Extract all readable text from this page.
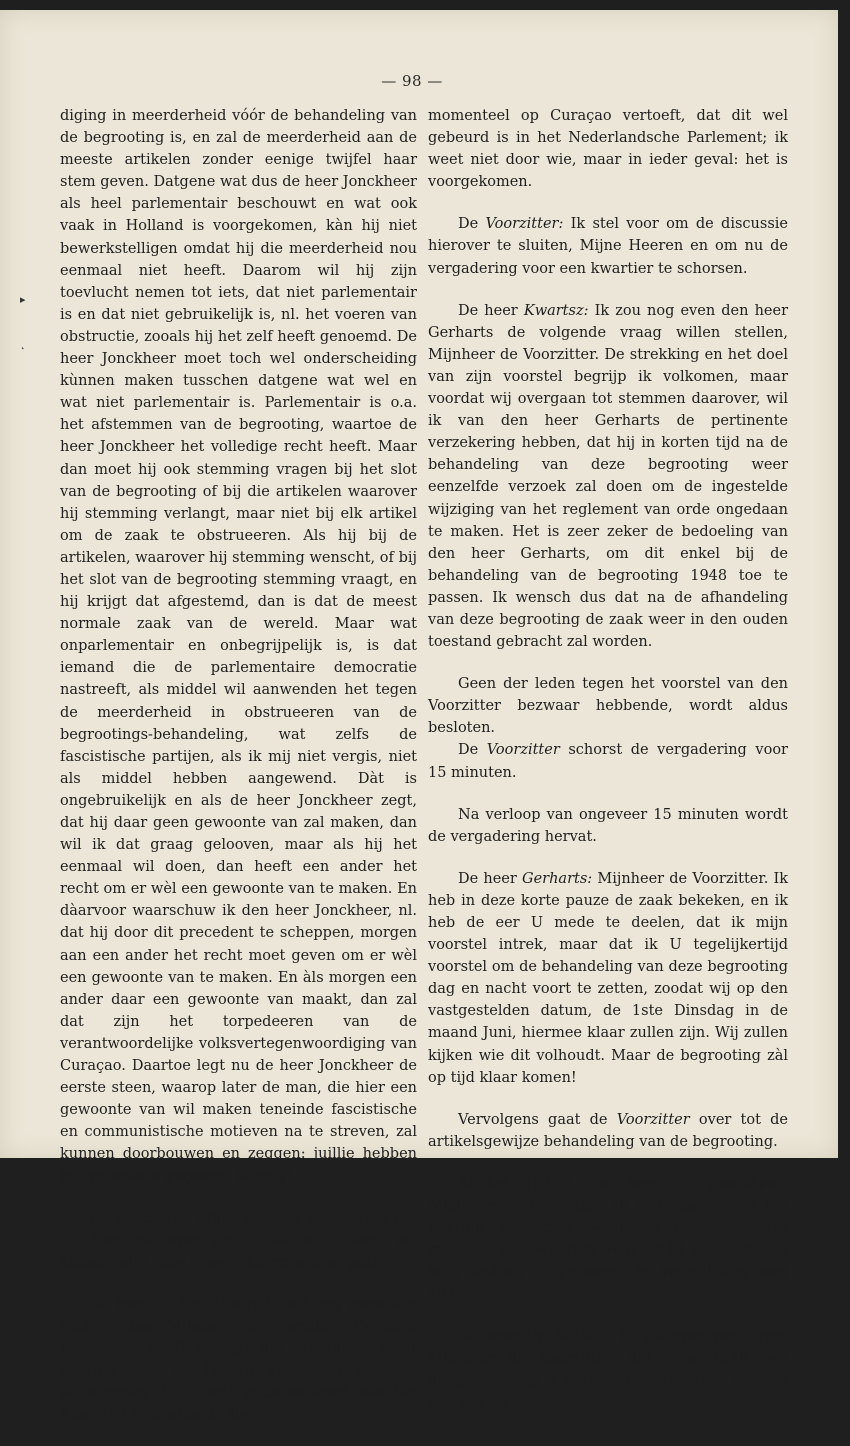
— 98 —
▸
˛

diging in meerderheid vóór de behandeling van de begrooting is, en zal de meerderheid aan de meeste artikelen zonder eenige twijfel haar stem geven. Datgene wat dus de heer Jonckheer als heel parlementair beschouwt en wat ook vaak in Holland is voorgekomen, kàn hij niet bewerkstelligen omdat hij die meerderheid nou eenmaal niet heeft. Daarom wil hij zijn toevlucht nemen tot iets, dat niet parlementair is en dat niet gebruikelijk is, nl. het voeren van obstructie, zooals hij het zelf heeft genoemd. De heer Jonckheer moet toch wel onderscheiding kùnnen maken tusschen datgene wat wel en wat niet parlementair is. Parlementair is o.a. het afstemmen van de begrooting, waartoe de heer Jonckheer het volledige recht heeft. Maar dan moet hij ook stemming vragen bij het slot van de begrooting of bij die artikelen waarover hij stemming verlangt, maar niet bij elk artikel om de zaak te obstrueeren. Als hij bij de artikelen, waarover hij stemming wenscht, of bij het slot van de begrooting stemming vraagt, en hij krijgt dat afgestemd, dan is dat de meest normale zaak van de wereld. Maar wat onparlementair en onbegrijpelijk is, is dat iemand die de parlementaire democratie nastreeft, als middel wil aanwenden het tegen de meerderheid in obstrueeren van de begrootings-behandeling, wat zelfs de fascistische partijen, als ik mij niet vergis, niet als middel hebben aangewend. Dàt is ongebruikelijk en als de heer Jonckheer zegt, dat hij daar geen gewoonte van zal maken, dan wil ik dat graag gelooven, maar als hij het eenmaal wil doen, dan heeft een ander het recht om er wèl een gewoonte van te maken. En dàarvoor waarschuw ik den heer Jonckheer, nl. dat hij door dit precedent te scheppen, morgen aan een ander het recht moet geven om er wèl een gewoonte van te maken. En àls morgen een ander daar een gewoonte van maakt, dan zal dat zijn het torpedeeren van de verantwoordelijke volksvertegenwoordiging van Curaçao. Daartoe legt nu de heer Jonckheer de eerste steen, waarop later de man, die hier een gewoonte van wil maken teneinde fascistische en communistische motieven na te streven, zal kunnen doorbouwen en zeggen: juillie hebben het voorbeeld gegeven, ik volg!

De Voorzitter: Mijne Heeren, ik stel voor om de discussie over deze zaak te sluiten; wij kunnen niet voor eeuwig hiermee doorgaan.

De heer E. Jonckheer: Ik wil nog even iets recht zetten, Mijnheer de Voorzitter. De heer Henriquez heeft gezegd dat obstructie nooit voorgekomen is. Ik wil hier heel kort op antwoorden. Ik hoorde gisterenavond van het Kamerlid Nederhorst, die

momenteel op Curaçao vertoeft, dat dit wel gebeurd is in het Nederlandsche Parlement; ik weet niet door wie, maar in ieder geval: het is voorgekomen.

De Voorzitter: Ik stel voor om de discussie hierover te sluiten, Mijne Heeren en om nu de vergadering voor een kwartier te schorsen.

De heer Kwartsz: Ik zou nog even den heer Gerharts de volgende vraag willen stellen, Mijnheer de Voorzitter. De strekking en het doel van zijn voorstel begrijp ik volkomen, maar voordat wij overgaan tot stemmen daarover, wil ik van den heer Gerharts de pertinente verzekering hebben, dat hij in korten tijd na de behandeling van deze begrooting weer eenzelfde verzoek zal doen om de ingestelde wijziging van het reglement van orde ongedaan te maken. Het is zeer zeker de bedoeling van den heer Gerharts, om dit enkel bij de behandeling van de begrooting 1948 toe te passen. Ik wensch dus dat na de afhandeling van deze begrooting de zaak weer in den ouden toestand gebracht zal worden.

Geen der leden tegen het voorstel van den Voorzitter bezwaar hebbende, wordt aldus besloten.

De Voorzitter schorst de vergadering voor 15 minuten.

Na verloop van ongeveer 15 minuten wordt de vergadering hervat.

De heer Gerharts: Mijnheer de Voorzitter. Ik heb in deze korte pauze de zaak bekeken, en ik heb de eer U mede te deelen, dat ik mijn voorstel intrek, maar dat ik U tegelijkertijd voorstel om de behandeling van deze begrooting dag en nacht voort te zetten, zoodat wij op den vastgestelden datum, de 1ste Dinsdag in de maand Juni, hiermee klaar zullen zijn. Wij zullen kijken wie dit volhoudt. Maar de begrooting zàl op tijd klaar komen!

Vervolgens gaat de Voorzitter over tot de artikelsgewijze behandeling van de begrooting.

Artikel 10199. De heer E. Jonckheer: Mijnheer de Voorzitter. Ik zou gaarne van het Bestuur vernemen — indien het eenigszins mogelijk is— waarom voor 1948 een tamelijk laag bedrag is geraamd in vergelijking met 1946.

De heer Dr. Süthoff: Ik wil even verklaren, Mijnheer de Voorzitter, dat voor 1946 een hooger bedrag is geraamd, omdat toen bekend was dat de uitgaven
